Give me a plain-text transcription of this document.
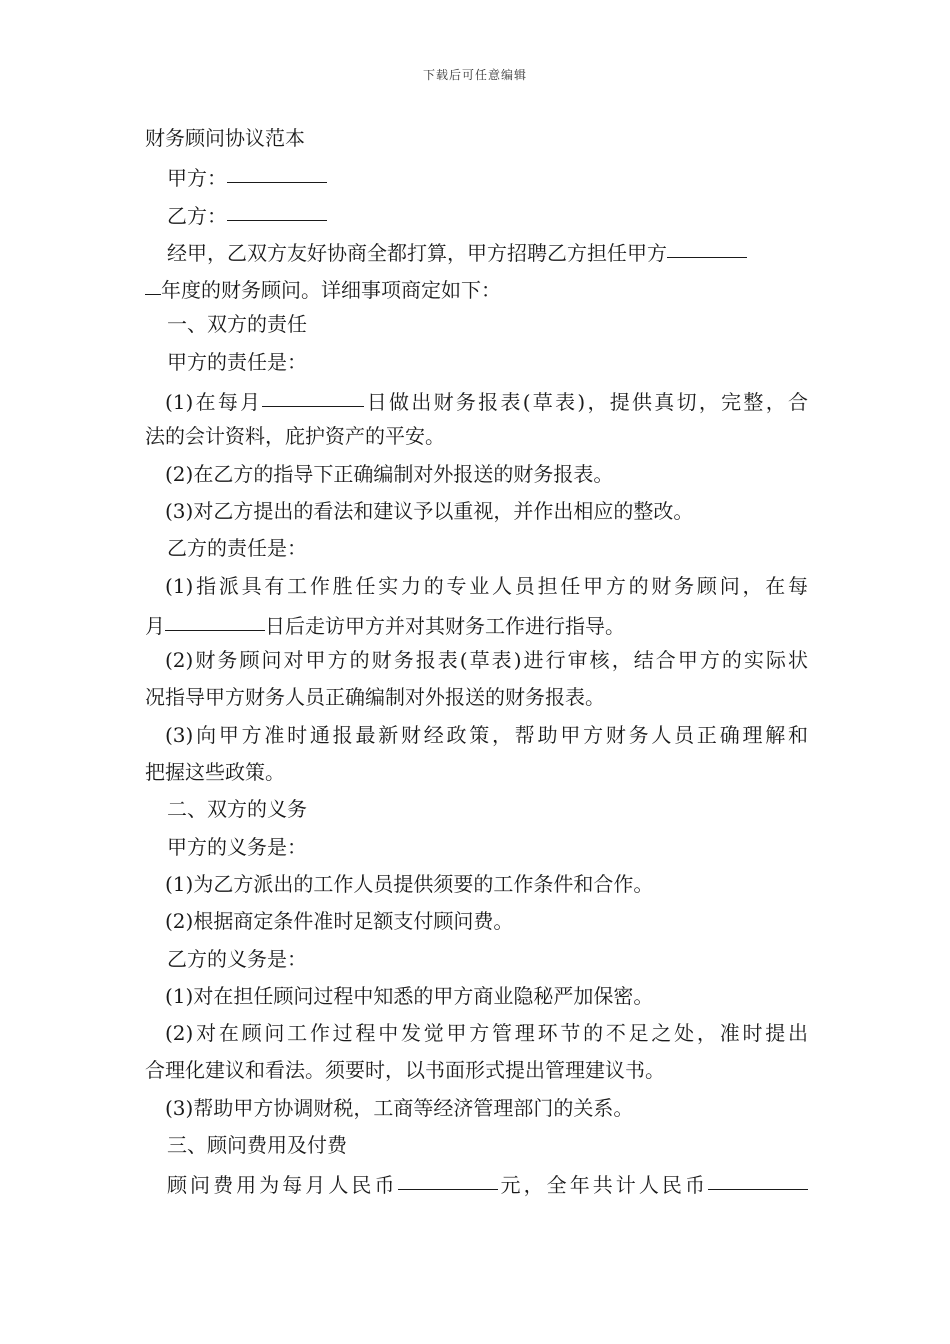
下载后可任意编辑
财务顾问协议范本
甲方：
乙方：
经甲，乙双方友好协商全都打算，甲方招聘乙方担任甲方
年度的财务顾问。详细事项商定如下：
一、双方的责任
甲方的责任是：
(1)在每月	日做出财务报表(草表)，提供真切，完整，合
法的会计资料，庇护资产的平安。
(2)在乙方的指导下正确编制对外报送的财务报表。
(3)对乙方提出的看法和建议予以重视，并作出相应的整改。
乙方的责任是：
(1)指派具有工作胜任实力的专业人员担任甲方的财务顾问，在每
月	日后走访甲方并对其财务工作进行指导。
(2)财务顾问对甲方的财务报表(草表)进行审核，结合甲方的实际状
况指导甲方财务人员正确编制对外报送的财务报表。
(3)向甲方准时通报最新财经政策，帮助甲方财务人员正确理解和
把握这些政策。
二、双方的义务
甲方的义务是：
(1)为乙方派出的工作人员提供须要的工作条件和合作。
(2)根据商定条件准时足额支付顾问费。
乙方的义务是：
(1)对在担任顾问过程中知悉的甲方商业隐秘严加保密。
(2)对在顾问工作过程中发觉甲方管理环节的不足之处，准时提出
合理化建议和看法。须要时，以书面形式提出管理建议书。
(3)帮助甲方协调财税，工商等经济管理部门的关系。
三、顾问费用及付费
顾问费用为每月人民币	元，全年共计人民币
